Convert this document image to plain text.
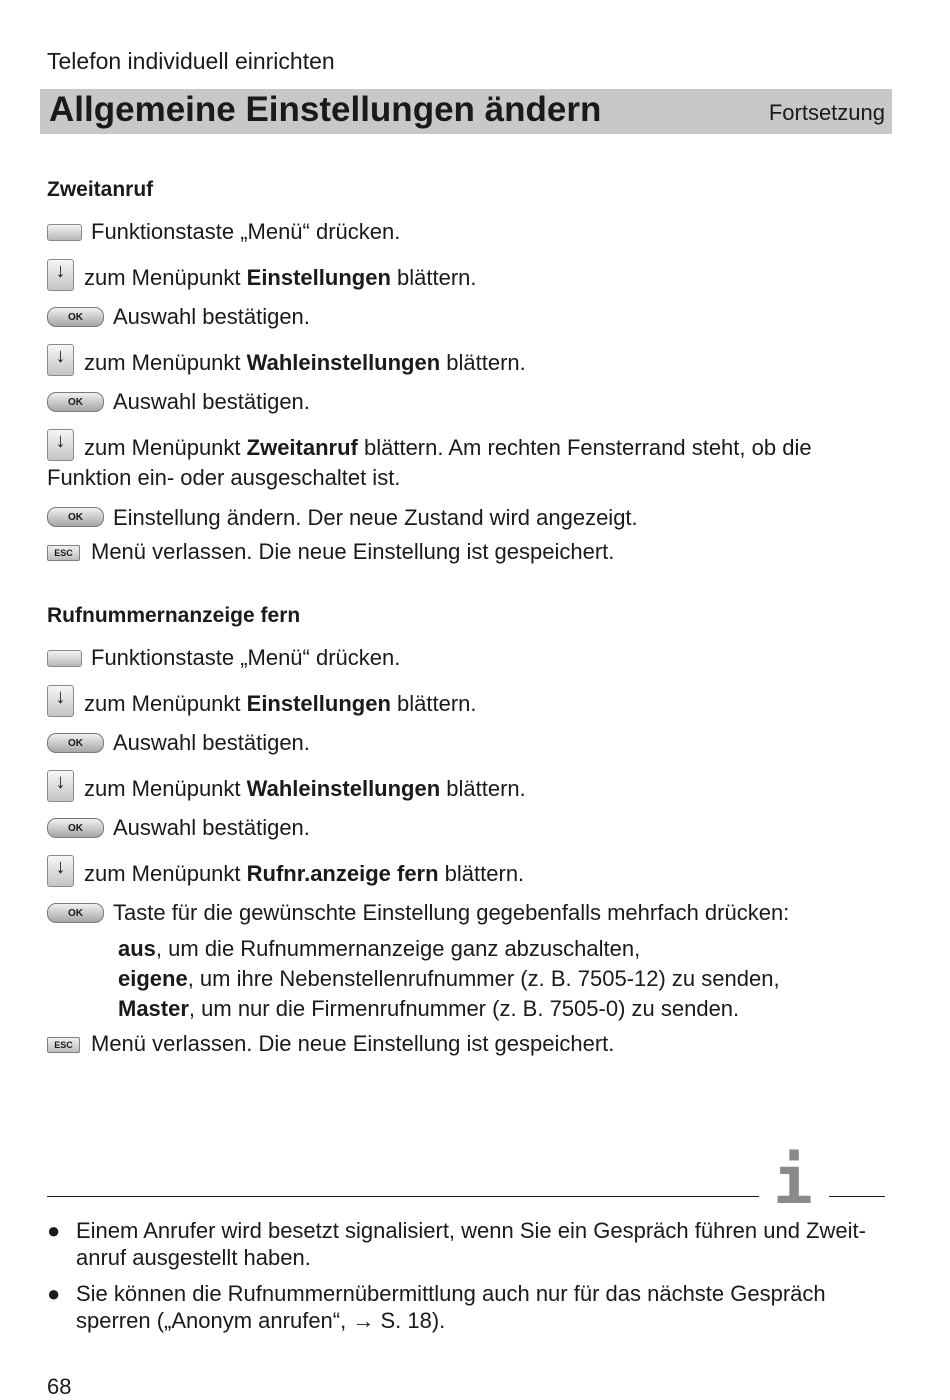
Telefon individuell einrichten
Allgemeine Einstellungen ändern	Fortsetzung
Zweitanruf
Funktionstaste „Menü“ drücken.
↓ zum Menüpunkt Einstellungen blättern.
OK	Auswahl bestätigen.
↓ zum Menüpunkt Wahleinstellungen blättern.
OK	Auswahl bestätigen.
↓ zum Menüpunkt Zweitanruf blättern. Am rechten Fensterrand steht, ob die
Funktion ein- oder ausgeschaltet ist.
OK	Einstellung ändern. Der neue Zustand wird angezeigt.
ESC Menü verlassen. Die neue Einstellung ist gespeichert.
Rufnummernanzeige fern
Funktionstaste „Menü“ drücken.
↓ zum Menüpunkt Einstellungen blättern.
OK	Auswahl bestätigen.
↓ zum Menüpunkt Wahleinstellungen blättern.
OK	Auswahl bestätigen.
↓ zum Menüpunkt Rufnr.anzeige fern blättern.
OK	Taste für die gewünschte Einstellung gegebenfalls mehrfach drücken:
aus, um die Rufnummernanzeige ganz abzuschalten,
eigene, um ihre Nebenstellenrufnummer (z. B. 7505-12) zu senden,
Master, um nur die Firmenrufnummer (z. B. 7505-0) zu senden.
ESC Menü verlassen. Die neue Einstellung ist gespeichert.
i
● Einem Anrufer wird besetzt signalisiert, wenn Sie ein Gespräch führen und Zweit-anruf ausgestellt haben.
● Sie können die Rufnummernübermittlung auch nur für das nächste Gespräch sperren („Anonym anrufen“, → S. 18).
68
